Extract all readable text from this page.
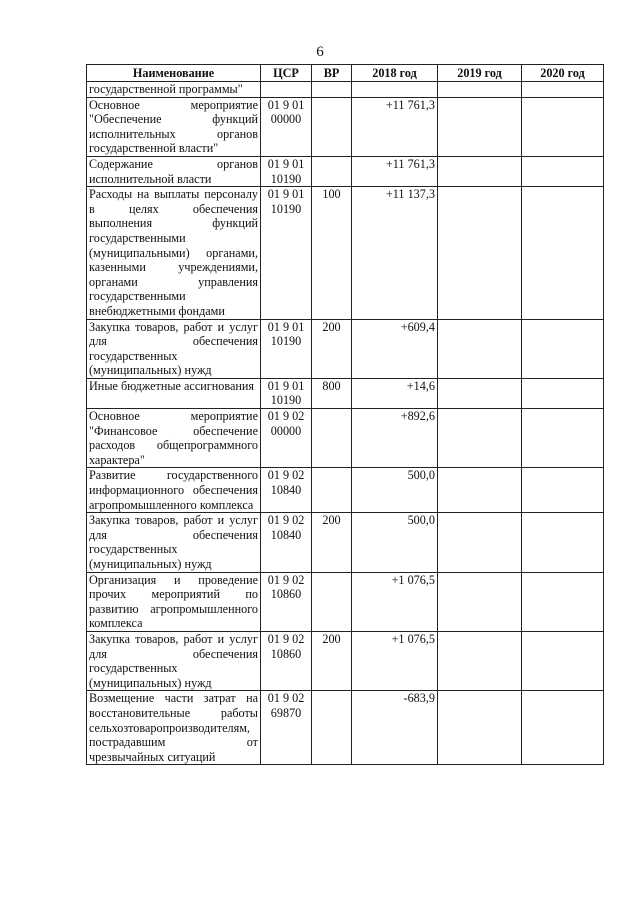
6
Наименование	ЦСР	ВР	2018 год	2019 год	2020 год
государственной программы"					
Основное мероприятие "Обеспечение функций исполнительных органов государственной власти"	01 9 01 00000		+11 761,3		
Содержание органов исполнительной власти	01 9 01 10190		+11 761,3		
Расходы на выплаты персоналу в целях обеспечения выполнения функций государственными (муниципальными) органами, казенными учреждениями, органами управления государственными внебюджетными фондами	01 9 01 10190	100	+11 137,3		
Закупка товаров, работ и услуг для обеспечения государственных (муниципальных) нужд	01 9 01 10190	200	+609,4		
Иные бюджетные ассигнования	01 9 01 10190	800	+14,6		
Основное мероприятие "Финансовое обеспечение расходов общепрограммного характера"	01 9 02 00000		+892,6		
Развитие государственного информационного обеспечения агропромышленного комплекса	01 9 02 10840		500,0		
Закупка товаров, работ и услуг для обеспечения государственных (муниципальных) нужд	01 9 02 10840	200	500,0		
Организация и проведение прочих мероприятий по развитию агропромышленного комплекса	01 9 02 10860		+1 076,5		
Закупка товаров, работ и услуг для обеспечения государственных (муниципальных) нужд	01 9 02 10860	200	+1 076,5		
Возмещение части затрат на восстановительные работы сельхозтоваропроизводителям, пострадавшим от чрезвычайных ситуаций	01 9 02 69870		-683,9		
